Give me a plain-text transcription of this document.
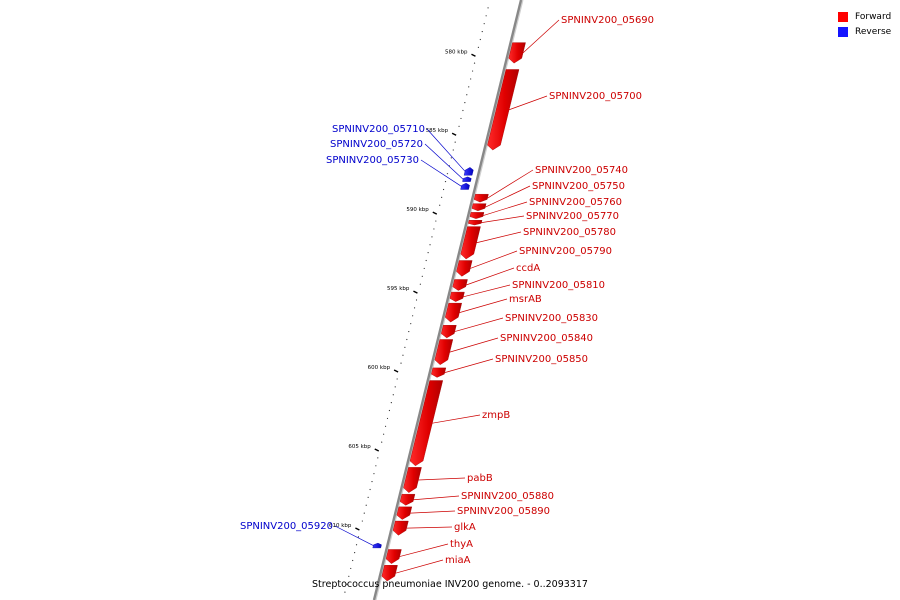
580 kbp
585 kbp
590 kbp
595 kbp
600 kbp
605 kbp
610 kbp
SPNINV200_05690
SPNINV200_05700
SPNINV200_05710
SPNINV200_05720
SPNINV200_05730
SPNINV200_05740
SPNINV200_05750
SPNINV200_05760
SPNINV200_05770
SPNINV200_05780
SPNINV200_05790
ccdA
SPNINV200_05810
msrAB
SPNINV200_05830
SPNINV200_05840
SPNINV200_05850
zmpB
pabB
SPNINV200_05880
SPNINV200_05890
glkA
SPNINV200_05920
thyA
miaA
Forward
Reverse
Streptococcus pneumoniae INV200 genome. - 0..2093317
